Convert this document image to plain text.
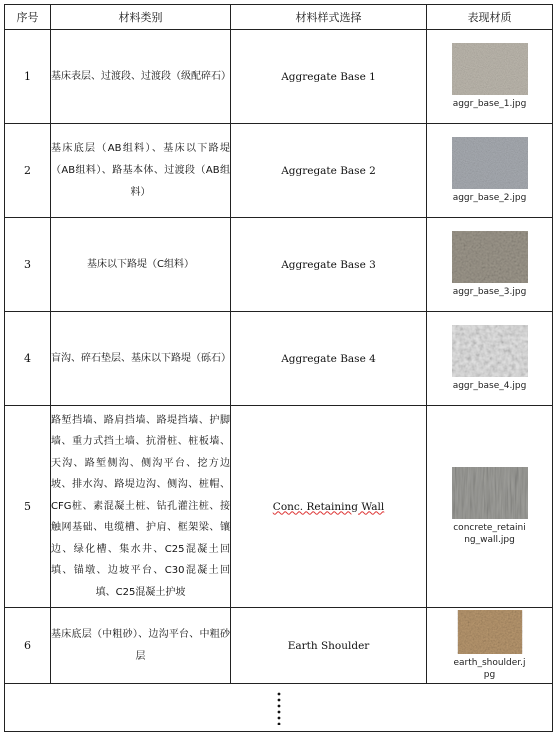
序号	材料类别	材料样式选择	表现材质
1	基床表层、过渡段、过渡段（级配碎石）	Aggregate Base 1	aggr_base_1.jpg

2	基床底层（AB组料）、基床以下路堤（AB组料）、路基本体、过渡段（AB组料）	Aggregate Base 2	aggr_base_2.jpg

3	基床以下路堤（C组料）	Aggregate Base 3	aggr_base_3.jpg

4	盲沟、碎石垫层、基床以下路堤（砾石）	Aggregate Base 4	aggr_base_4.jpg

5	路堑挡墙、路肩挡墙、路堤挡墙、护脚墙、重力式挡土墙、抗滑桩、桩板墙、天沟、路堑侧沟、侧沟平台、挖方边坡、排水沟、路堤边沟、侧沟、桩帽、CFG桩、素混凝土桩、钻孔灌注桩、接触网基础、电缆槽、护肩、框架梁、镶边、绿化槽、集水井、C25混凝土回填、锚墩、边坡平台、C30混凝土回填、C25混凝土护坡	Conc. Retaining Wall	concrete_retaining_wall.jpg

6	基床底层（中粗砂）、边沟平台、中粗砂层	Earth Shoulder	earth_shoulder.jpg
